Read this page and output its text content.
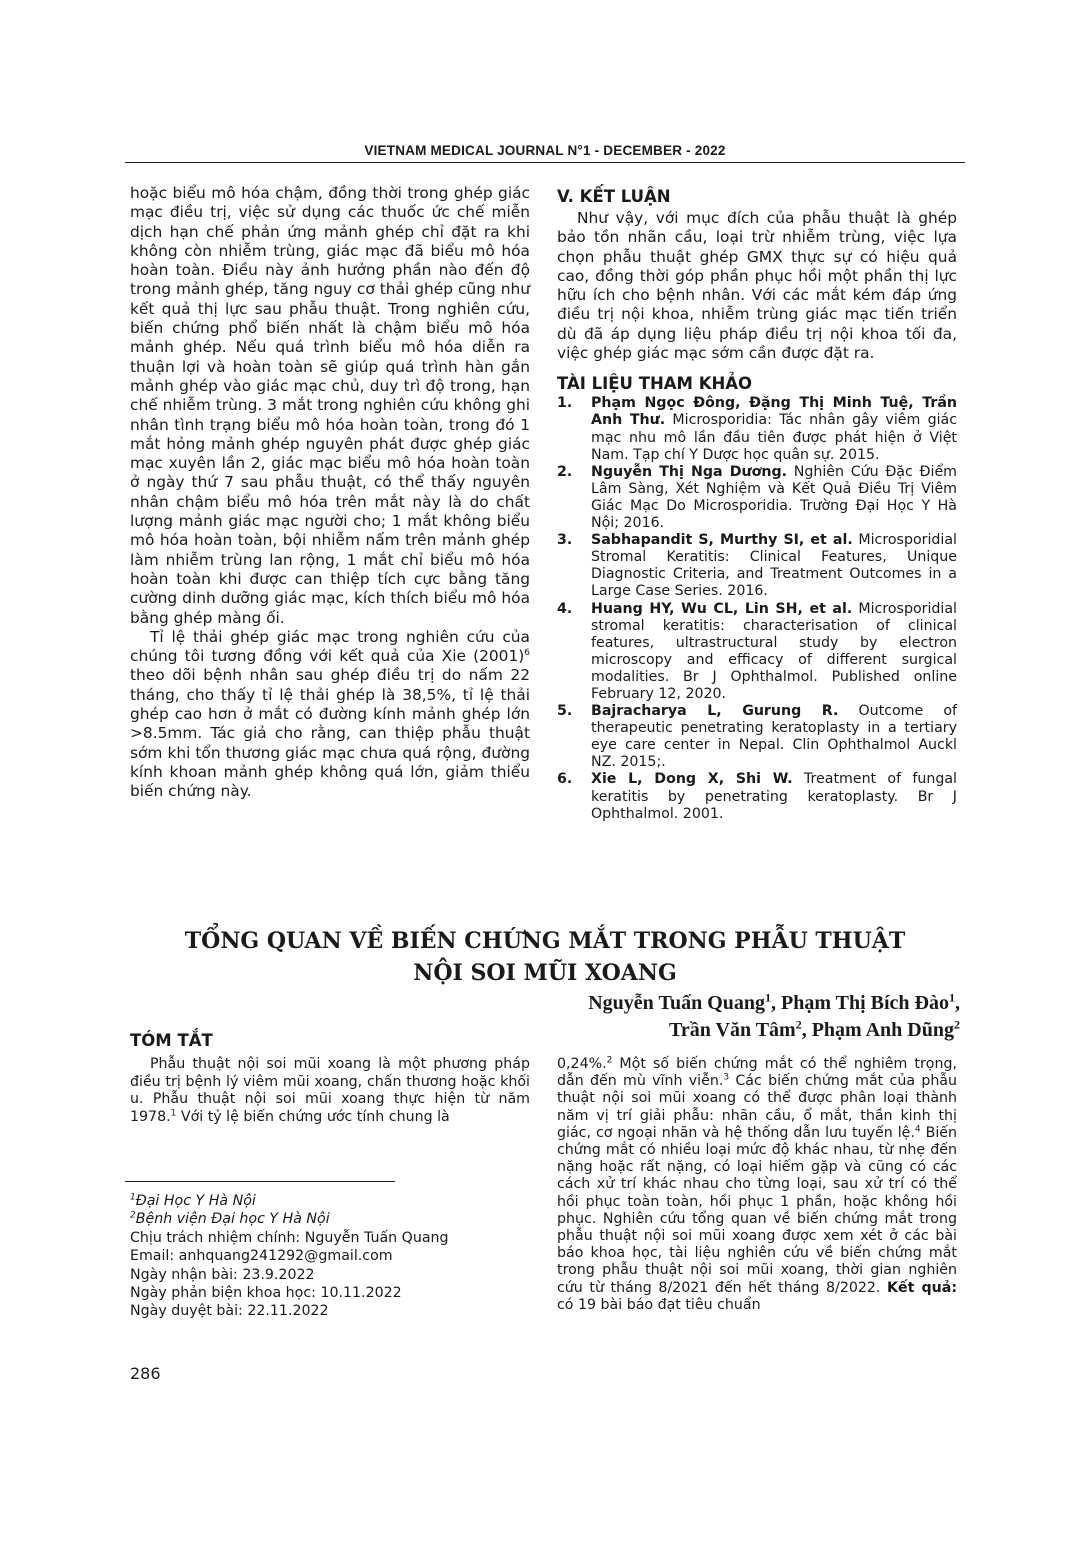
VIETNAM MEDICAL JOURNAL N°1 - DECEMBER - 2022

hoặc biểu mô hóa chậm, đồng thời trong ghép giác mạc điều trị, việc sử dụng các thuốc ức chế miễn dịch hạn chế phản ứng mảnh ghép chỉ đặt ra khi không còn nhiễm trùng, giác mạc đã biểu mô hóa hoàn toàn. Điều này ảnh hưởng phần nào đến độ trong mảnh ghép, tăng nguy cơ thải ghép cũng như kết quả thị lực sau phẫu thuật. Trong nghiên cứu, biến chứng phổ biến nhất là chậm biểu mô hóa mảnh ghép. Nếu quá trình biểu mô hóa diễn ra thuận lợi và hoàn toàn sẽ giúp quá trình hàn gắn mảnh ghép vào giác mạc chủ, duy trì độ trong, hạn chế nhiễm trùng. 3 mắt trong nghiên cứu không ghi nhân tình trạng biểu mô hóa hoàn toàn, trong đó 1 mắt hỏng mảnh ghép nguyên phát được ghép giác mạc xuyên lần 2, giác mạc biểu mô hóa hoàn toàn ở ngày thứ 7 sau phẫu thuật, có thể thấy nguyên nhân chậm biểu mô hóa trên mắt này là do chất lượng mảnh giác mạc người cho; 1 mắt không biểu mô hóa hoàn toàn, bội nhiễm nấm trên mảnh ghép làm nhiễm trùng lan rộng, 1 mắt chỉ biểu mô hóa hoàn toàn khi được can thiệp tích cực bằng tăng cường dinh dưỡng giác mạc, kích thích biểu mô hóa bằng ghép màng ối.

Tỉ lệ thải ghép giác mạc trong nghiên cứu của chúng tôi tương đồng với kết quả của Xie $(2001)^6$ theo dõi bệnh nhân sau ghép điều trị do nấm 22 tháng, cho thấy tỉ lệ thải ghép là 38,5%, tỉ lệ thải ghép cao hơn ở mắt có đường kính mảnh ghép lớn >8.5mm. Tác giả cho rằng, can thiệp phẫu thuật sớm khi tổn thương giác mạc chưa quá rộng, đường kính khoan mảnh ghép không quá lớn, giảm thiểu biến chứng này.

V. KẾT LUẬN

Như vậy, với mục đích của phẫu thuật là ghép bảo tồn nhãn cầu, loại trừ nhiễm trùng, việc lựa chọn phẫu thuật ghép GMX thực sự có hiệu quả cao, đồng thời góp phần phục hồi một phần thị lực hữu ích cho bệnh nhân. Với các mắt kém đáp ứng điều trị nội khoa, nhiễm trùng giác mạc tiến triển dù đã áp dụng liệu pháp điều trị nội khoa tối đa, việc ghép giác mạc sớm cần được đặt ra.

TÀI LIỆU THAM KHẢO
1. Phạm Ngọc Đông, Đặng Thị Minh Tuệ, Trần Anh Thư. Microsporidia: Tác nhân gây viêm giác mạc nhu mô lần đầu tiên được phát hiện ở Việt Nam. Tạp chí Y Dược học quân sự. 2015.
2. Nguyễn Thị Nga Dương. Nghiên Cứu Đặc Điểm Lâm Sàng, Xét Nghiệm và Kết Quả Điều Trị Viêm Giác Mạc Do Microsporidia. Trường Đại Học Y Hà Nội; 2016.
3. Sabhapandit S, Murthy SI, et al. Microsporidial Stromal Keratitis: Clinical Features, Unique Diagnostic Criteria, and Treatment Outcomes in a Large Case Series. 2016.
4. Huang HY, Wu CL, Lin SH, et al. Microsporidial stromal keratitis: characterisation of clinical features, ultrastructural study by electron microscopy and efficacy of different surgical modalities. Br J Ophthalmol. Published online February 12, 2020.
5. Bajracharya L, Gurung R. Outcome of therapeutic penetrating keratoplasty in a tertiary eye care center in Nepal. Clin Ophthalmol Auckl NZ. 2015;.
6. Xie L, Dong X, Shi W. Treatment of fungal keratitis by penetrating keratoplasty. Br J Ophthalmol. 2001.
TỔNG QUAN VỀ BIẾN CHỨNG MẮT TRONG PHẪU THUẬT
NỘI SOI MŨI XOANG

Nguyễn Tuấn Quang$^1$, Phạm Thị Bích Đào$^1$,
Trần Văn Tâm$^2$, Phạm Anh Dũng$^2$

TÓM TẮT

Phẫu thuật nội soi mũi xoang là một phương pháp điều trị bệnh lý viêm mũi xoang, chấn thương hoặc khối u. Phẫu thuật nội soi mũi xoang thực hiện từ năm 1978.$^1$ Với tỷ lệ biến chứng ước tính chung là

0,24%.$^2$ Một số biến chứng mắt có thể nghiêm trọng, dẫn đến mù vĩnh viễn.$^3$ Các biến chứng mắt của phẫu thuật nội soi mũi xoang có thể được phân loại thành năm vị trí giải phẫu: nhãn cầu, ổ mắt, thần kinh thị giác, cơ ngoại nhãn và hệ thống dẫn lưu tuyến lệ.$^4$ Biến chứng mắt có nhiều loại mức độ khác nhau, từ nhẹ đến nặng hoặc rất nặng, có loại hiếm gặp và cũng có các cách xử trí khác nhau cho từng loại, sau xử trí có thể hồi phục toàn toàn, hồi phục 1 phần, hoặc không hồi phục. Nghiên cứu tổng quan về biến chứng mắt trong phẫu thuật nội soi mũi xoang được xem xét ở các bài báo khoa học, tài liệu nghiên cứu về biến chứng mắt trong phẫu thuật nội soi mũi xoang, thời gian nghiên cứu từ tháng 8/2021 đến hết tháng 8/2022. Kết quả: có 19 bài báo đạt tiêu chuẩn

$^1$Đại Học Y Hà Nội

$^2$Bệnh viện Đại học Y Hà Nội

Chịu trách nhiệm chính: Nguyễn Tuấn Quang

Email: anhquang241292@gmail.com

Ngày nhận bài: 23.9.2022

Ngày phản biện khoa học: 10.11.2022

Ngày duyệt bài: 22.11.2022

286
